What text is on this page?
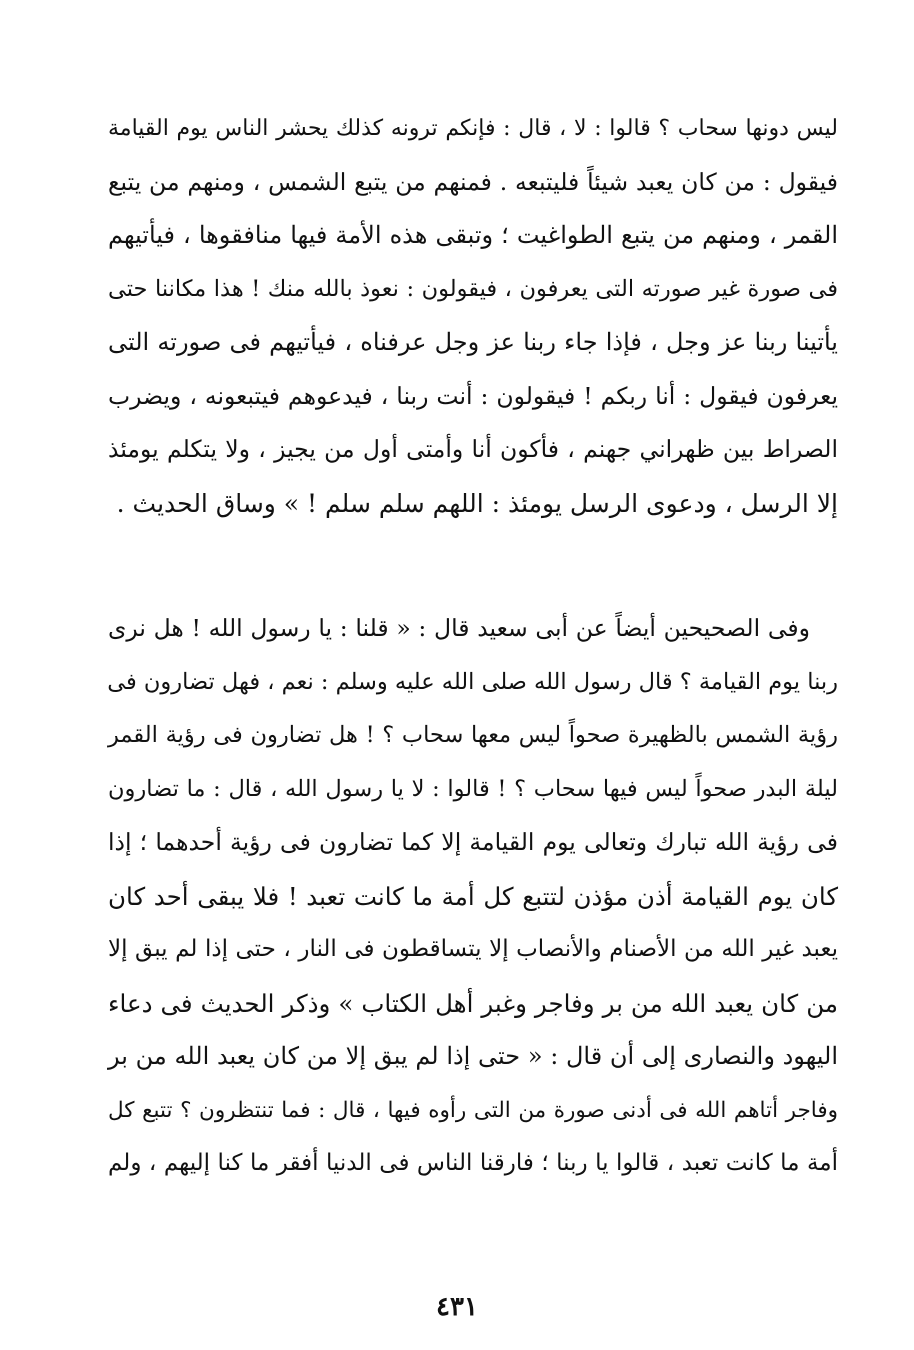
ليس دونها سحاب ؟ قالوا : لا ، قال : فإنكم ترونه كذلك يحشر الناس يوم القيامة
فيقول : من كان يعبد شيئاً فليتبعه . فمنهم من يتبع الشمس ، ومنهم من يتبع
القمر ، ومنهم من يتبع الطواغيت ؛ وتبقى هذه الأمة فيها منافقوها ، فيأتيهم
فى صورة غير صورته التى يعرفون ، فيقولون : نعوذ بالله منك ! هذا مكاننا حتى
يأتينا ربنا عز وجل ، فإذا جاء ربنا عز وجل عرفناه ، فيأتيهم فى صورته التى
يعرفون فيقول : أنا ربكم ! فيقولون : أنت ربنا ، فيدعوهم فيتبعونه ، ويضرب
الصراط بين ظهراني جهنم ، فأكون أنا وأمتى أول من يجيز ، ولا يتكلم يومئذ
إلا الرسل ، ودعوى الرسل يومئذ : اللهم سلم سلم ! » وساق الحديث .
وفى الصحيحين أيضاً عن أبى سعيد قال : « قلنا : يا رسول الله ! هل نرى
ربنا يوم القيامة ؟ قال رسول الله صلى الله عليه وسلم : نعم ، فهل تضارون فى
رؤية الشمس بالظهيرة صحواً ليس معها سحاب ؟ ! هل تضارون فى رؤية القمر
ليلة البدر صحواً ليس فيها سحاب ؟ ! قالوا : لا يا رسول الله ، قال : ما تضارون
فى رؤية الله تبارك وتعالى يوم القيامة إلا كما تضارون فى رؤية أحدهما ؛ إذا
كان يوم القيامة أذن مؤذن لتتبع كل أمة ما كانت تعبد ! فلا يبقى أحد كان
يعبد غير الله من الأصنام والأنصاب إلا يتساقطون فى النار ، حتى إذا لم يبق إلا
من كان يعبد الله من بر وفاجر وغبر أهل الكتاب » وذكر الحديث فى دعاء
اليهود والنصارى إلى أن قال : « حتى إذا لم يبق إلا من كان يعبد الله من بر
وفاجر أتاهم الله فى أدنى صورة من التى رأوه فيها ، قال : فما تنتظرون ؟ تتبع كل
أمة ما كانت تعبد ، قالوا يا ربنا ؛ فارقنا الناس فى الدنيا أفقر ما كنا إليهم ، ولم
٤٣١
